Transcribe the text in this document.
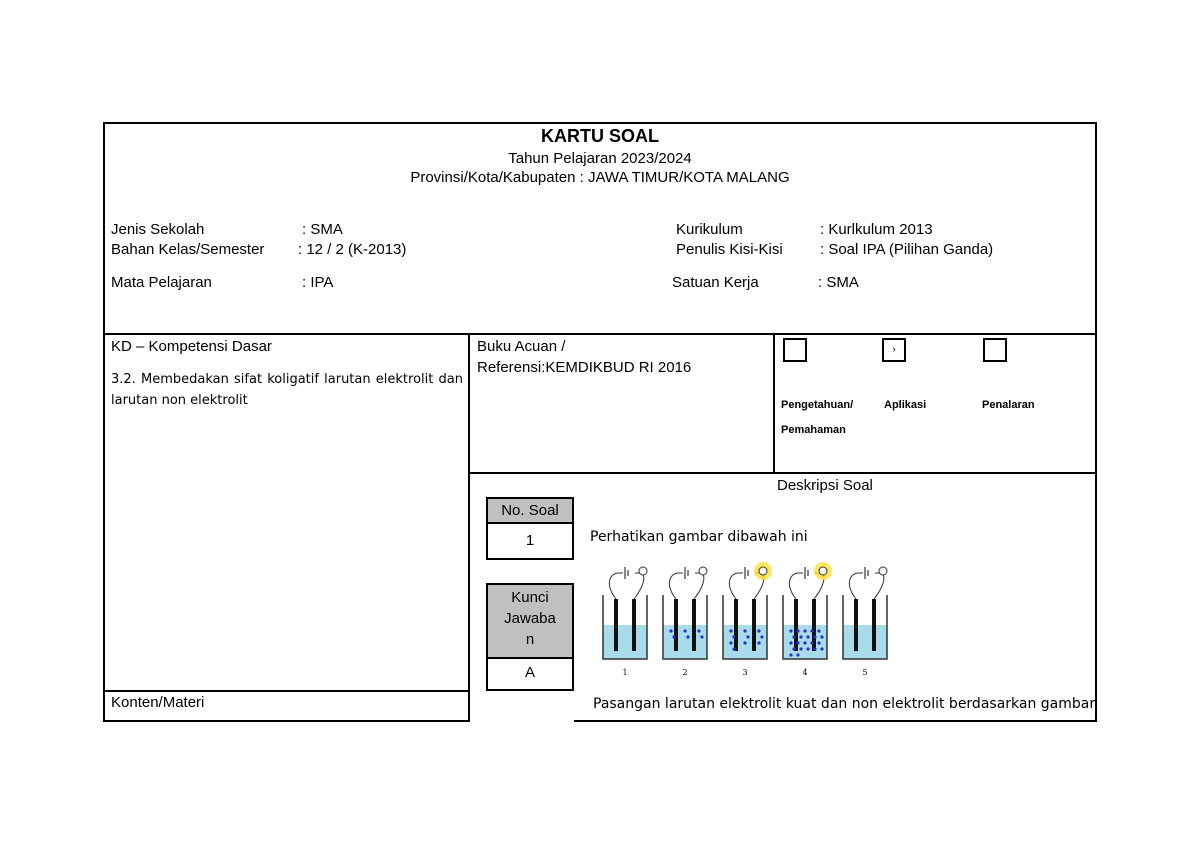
KARTU SOAL
Tahun Pelajaran 2023/2024
Provinsi/Kota/Kabupaten : JAWA TIMUR/KOTA MALANG
Jenis Sekolah	: SMA
Bahan Kelas/Semester : 12 / 2 (K-2013)
Mata Pelajaran	: IPA
Kurikulum	: Kurlkulum 2013
Penulis Kisi-Kisi : Soal IPA (Pilihan Ganda)
Satuan Kerja	: SMA
KD – Kompetensi Dasar
3.2. Membedakan sifat koligatif larutan elektrolit dan larutan non elektrolit
Buku Acuan /
Referensi:KEMDIKBUD RI 2016
›
Pengetahuan/
Pemahaman
Aplikasi	Penalaran
Deskripsi Soal
No. Soal
1
Kunci
Jawaba
n
A
Perhatikan gambar dibawah ini
1	2	3	4	5
Pasangan larutan elektrolit kuat dan non elektrolit berdasarkan gambar
Konten/Materi
